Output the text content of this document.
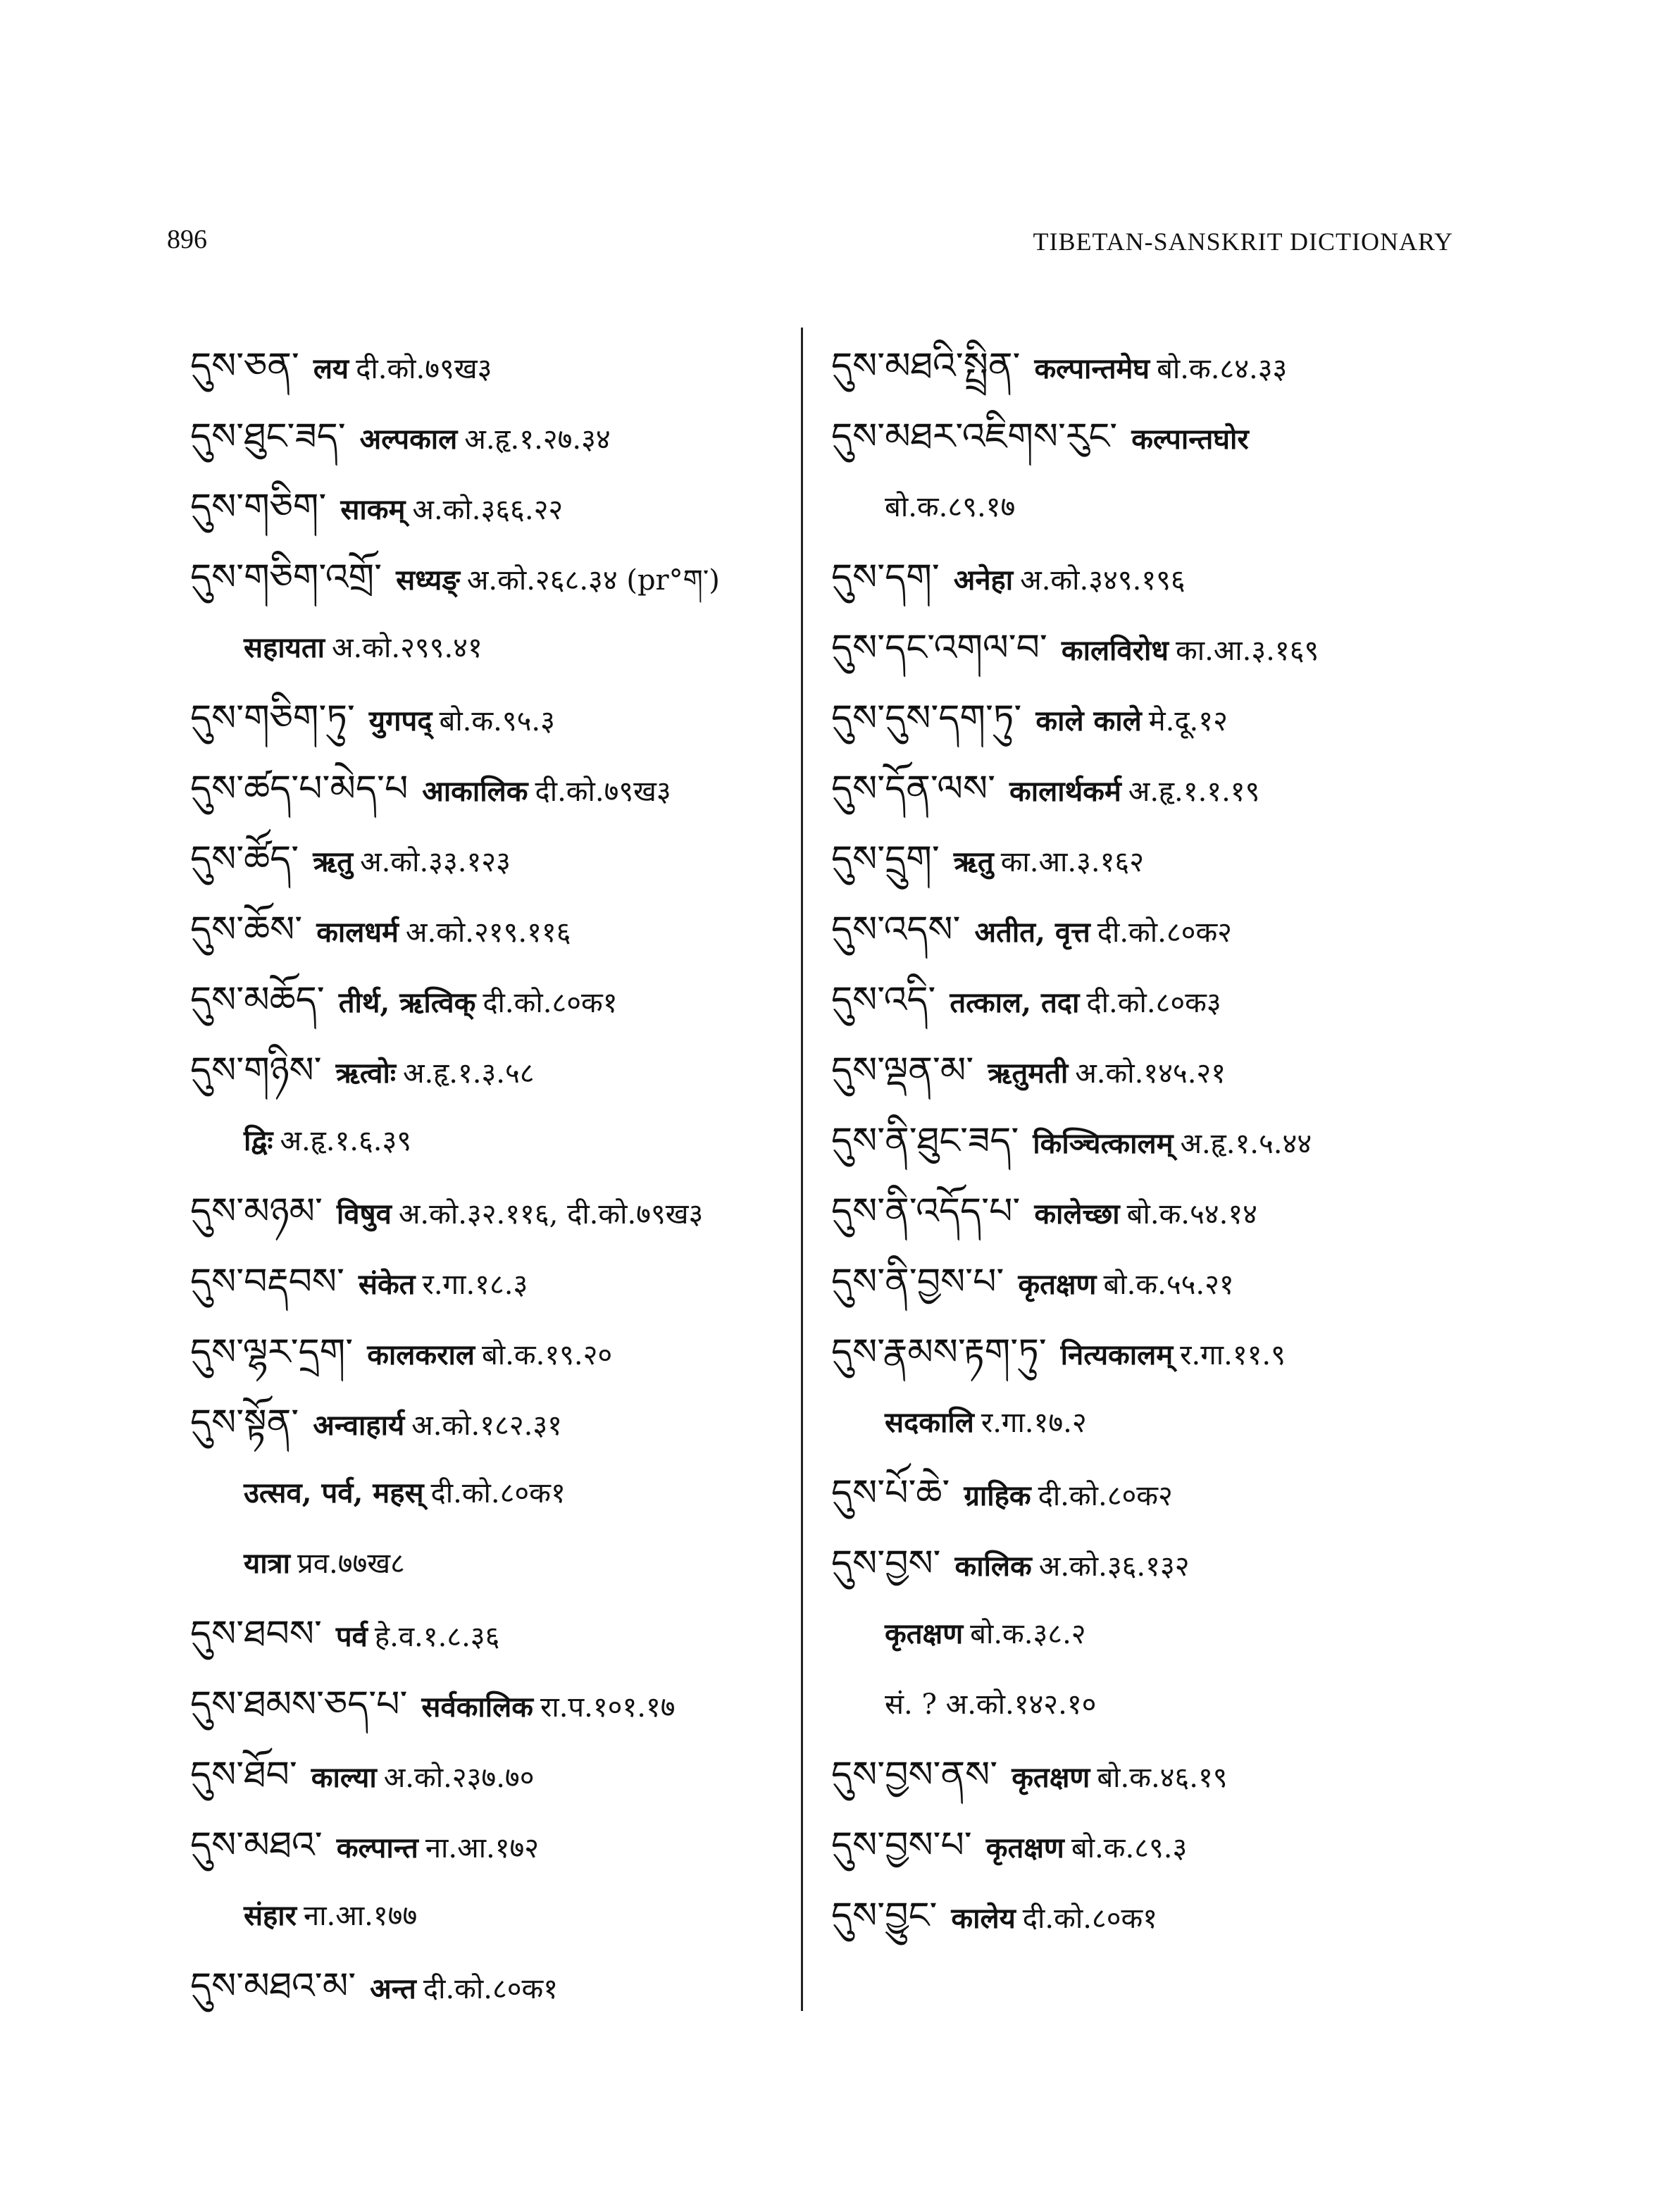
896	TIBETAN-SANSKRIT DICTIONARY
དུས་ཅན་ लय दी.को.७९ख३
དུས་ཐུང་ཟད་ अल्पकाल अ.हृ.१.२७.३४
དུས་གཅིག་ साकम् अ.को.३६६.२२
དུས་གཅིག་འགྲོ་ सध्यङ् अ.को.२६८.३४ (pr°ག་)
सहायता अ.को.२९९.४१
དུས་གཅིག་ཏུ་ युगपद् बो.क.९५.३
དུས་ཚད་པ་མེད་པ आकालिक दी.को.७९ख३
དུས་ཚོད་ ऋतु अ.को.३३.१२३
དུས་ཆོས་ कालधर्म अ.को.२१९.११६
དུས་མཆོད་ तीर्थ, ऋत्विक् दी.को.८०क१
དུས་གཉིས་ ऋत्वोः अ.हृ.१.३.५८
द्विः अ.हृ.१.६.३९
དུས་མཉམ་ विषुव अ.को.३२.११६, दी.को.७९ख३
དུས་བརྡབས་ संकेत र.गा.१८.३
དུས་ལྷར་དྲག་ कालकराल बो.क.१९.२०
དུས་སྟོན་ अन्वाहार्य अ.को.१८२.३१
उत्सव, पर्व, महस् दी.को.८०क१
यात्रा प्रव.७७ख८
དུས་ཐབས་ पर्व हे.व.१.८.३६
དུས་ཐམས་ཅད་པ་ सर्वकालिक रा.प.१०१.१७
དུས་ཐོབ་ काल्या अ.को.२३७.७०
དུས་མཐའ་ कल्पान्त ना.आ.१७२
संहार ना.आ.१७७
དུས་མཐའ་མ་ अन्त दी.को.८०क१
དུས་མཐའི་སྤྲིན་ कल्पान्तमेघ बो.क.८४.३३
དུས་མཐར་འཇིགས་རུང་ कल्पान्तघोर
बो.क.८९.१७
དུས་དག་ अनेहा अ.को.३४९.१९६
དུས་དང་འགལ་བ་ कालविरोध का.आ.३.१६९
དུས་དུས་དག་ཏུ་ काले काले मे.दू.१२
དུས་དོན་ལས་ कालार्थकर्म अ.हृ.१.१.१९
དུས་དྲུག་ ऋतु का.आ.३.१६२
དུས་འདས་ अतीत, वृत्त दी.को.८०क२
དུས་འདི་ तत्काल, तदा दी.को.८०क३
དུས་ལྡན་མ་ ऋतुमती अ.को.१४५.२१
དུས་ནི་ཐུང་ཟད་ किञ्चित्कालम् अ.हृ.१.५.४४
དུས་ནི་འདོད་པ་ कालेच्छा बो.क.५४.१४
དུས་ནི་བྱས་པ་ कृतक्षण बो.क.५५.२१
དུས་རྣམས་རྟག་ཏུ་ नित्यकालम् र.गा.११.९
सदकालि र.गा.१७.२
དུས་པོ་ཆེ་ ग्राहिक दी.को.८०क२
དུས་བྱས་ कालिक अ.को.३६.१३२
कृतक्षण बो.क.३८.२
सं. ? अ.को.१४२.१०
དུས་བྱས་ནས་ कृतक्षण बो.क.४६.१९
དུས་བྱས་པ་ कृतक्षण बो.क.८९.३
དུས་བྱུང་ कालेय दी.को.८०क१
